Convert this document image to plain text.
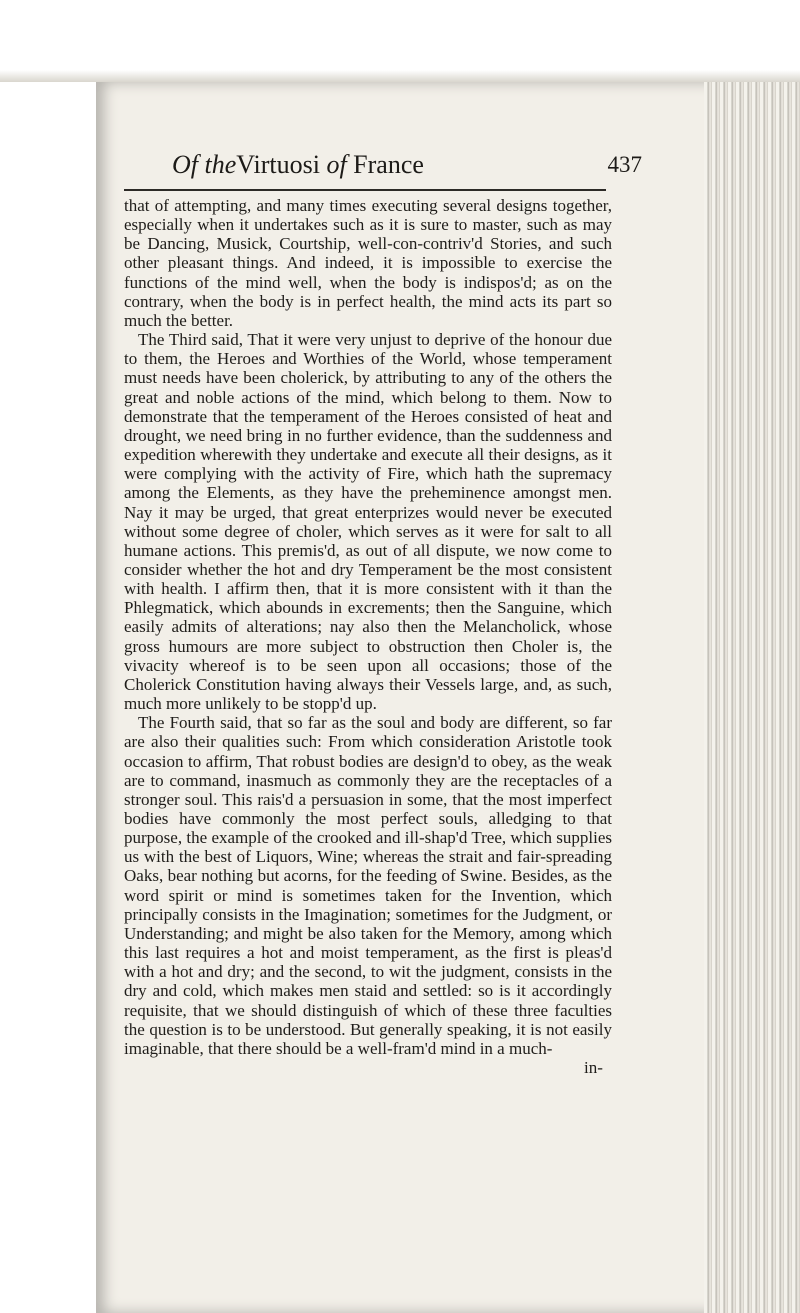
Of theVirtuosi of France	437

that of attempting, and many times executing several designs together, especially when it undertakes such as it is sure to master, such as may be Dancing, Musick, Courtship, well-con-contriv'd Stories, and such other pleasant things. And indeed, it is impossible to exercise the functions of the mind well, when the body is indispos'd; as on the contrary, when the body is in perfect health, the mind acts its part so much the better.

The Third said, That it were very unjust to deprive of the honour due to them, the Heroes and Worthies of the World, whose temperament must needs have been cholerick, by attributing to any of the others the great and noble actions of the mind, which belong to them. Now to demonstrate that the temperament of the Heroes consisted of heat and drought, we need bring in no further evidence, than the suddenness and expedition wherewith they undertake and execute all their designs, as it were complying with the activity of Fire, which hath the supremacy among the Elements, as they have the preheminence amongst men. Nay it may be urged, that great enterprizes would never be executed without some degree of choler, which serves as it were for salt to all humane actions. This premis'd, as out of all dispute, we now come to consider whether the hot and dry Temperament be the most consistent with health. I affirm then, that it is more consistent with it than the Phlegmatick, which abounds in excrements; then the Sanguine, which easily admits of alterations; nay also then the Melancholick, whose gross humours are more subject to obstruction then Choler is, the vivacity whereof is to be seen upon all occasions; those of the Cholerick Constitution having always their Vessels large, and, as such, much more unlikely to be stopp'd up.

The Fourth said, that so far as the soul and body are different, so far are also their qualities such: From which consideration Aristotle took occasion to affirm, That robust bodies are design'd to obey, as the weak are to command, inasmuch as commonly they are the receptacles of a stronger soul. This rais'd a persuasion in some, that the most imperfect bodies have commonly the most perfect souls, alledging to that purpose, the example of the crooked and ill-shap'd Tree, which supplies us with the best of Liquors, Wine; whereas the strait and fair-spreading Oaks, bear nothing but acorns, for the feeding of Swine. Besides, as the word spirit or mind is sometimes taken for the Invention, which principally consists in the Imagination; sometimes for the Judgment, or Understanding; and might be also taken for the Memory, among which this last requires a hot and moist temperament, as the first is pleas'd with a hot and dry; and the second, to wit the judgment, consists in the dry and cold, which makes men staid and settled: so is it accordingly requisite, that we should distinguish of which of these three faculties the question is to be understood. But generally speaking, it is not easily imaginable, that there should be a well-fram'd mind in a much-

in-
